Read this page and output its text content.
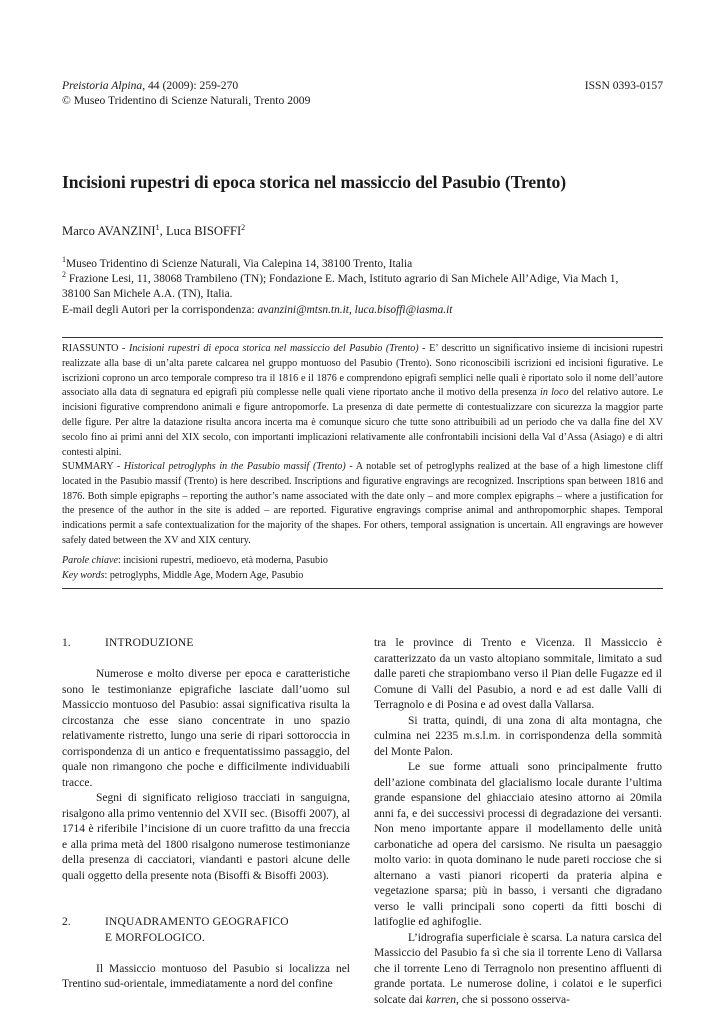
Preistoria Alpina, 44 (2009): 259-270
© Museo Tridentino di Scienze Naturali, Trento 2009
ISSN 0393-0157
Incisioni rupestri di epoca storica nel massiccio del Pasubio (Trento)
Marco AVANZINI$^1$, Luca BISOFFI$^2$
$^1$Museo Tridentino di Scienze Naturali, Via Calepina 14, 38100 Trento, Italia
$^2$ Frazione Lesi, 11, 38068 Trambileno (TN); Fondazione E. Mach, Istituto agrario di San Michele All’Adige, Via Mach 1,
38100 San Michele A.A. (TN), Italia.
E-mail degli Autori per la corrispondenza: avanzini@mtsn.tn.it, luca.bisoffi@iasma.it

RIASSUNTO - Incisioni rupestri di epoca storica nel massiccio del Pasubio (Trento) - E’ descritto un significativo insieme di incisioni rupestri realizzate alla base di un’alta parete calcarea nel gruppo montuoso del Pasubio (Trento). Sono riconoscibili iscrizioni ed incisioni figurative. Le iscrizioni coprono un arco temporale compreso tra il 1816 e il 1876 e comprendono epigrafi semplici nelle quali è riportato solo il nome dell’autore associato alla data di segnatura ed epigrafi più complesse nelle quali viene riportato anche il motivo della presenza in loco del relativo autore. Le incisioni figurative comprendono animali e figure antropomorfe. La presenza di date permette di contestualizzare con sicurezza la maggior parte delle figure. Per altre la datazione risulta ancora incerta ma è comunque sicuro che tutte sono attribuibili ad un periodo che va dalla fine del XV secolo fino ai primi anni del XIX secolo, con importanti implicazioni relativamente alle confrontabili incisioni della Val d’Assa (Asiago) e di altri contesti alpini.

SUMMARY - Historical petroglyphs in the Pasubio massif (Trento) - A notable set of petroglyphs realized at the base of a high limestone cliff located in the Pasubio massif (Trento) is here described. Inscriptions and figurative engravings are recognized. Inscriptions span between 1816 and 1876. Both simple epigraphs – reporting the author’s name associated with the date only – and more complex epigraphs – where a justification for the presence of the author in the site is added – are reported. Figurative engravings comprise animal and anthropomorphic shapes. Temporal indications permit a safe contextualization for the majority of the shapes. For others, temporal assignation is uncertain. All engravings are however safely dated between the XV and XIX century.

Parole chiave: incisioni rupestri, medioevo, età moderna, Pasubio
Key words: petroglyphs, Middle Age, Modern Age, Pasubio
1.	INTRODUZIONE

Numerose e molto diverse per epoca e caratteristiche sono le testimonianze epigrafiche lasciate dall’uomo sul Massiccio montuoso del Pasubio: assai significativa risulta la circostanza che esse siano concentrate in uno spazio relativamente ristretto, lungo una serie di ripari sottoroccia in corrispondenza di un antico e frequentatissimo passaggio, del quale non rimangono che poche e difficilmente individuabili tracce.

Segni di significato religioso tracciati in sanguigna, risalgono alla primo ventennio del XVII sec. (Bisoffi 2007), al 1714 è riferibile l’incisione di un cuore trafitto da una freccia e alla prima metà del 1800 risalgono numerose testimonianze della presenza di cacciatori, viandanti e pastori alcune delle quali oggetto della presente nota (Bisoffi & Bisoffi 2003).

2.	INQUADRAMENTO GEOGRAFICO
E MORFOLOGICO.

Il Massiccio montuoso del Pasubio si localizza nel Trentino sud-orientale, immediatamente a nord del confine

tra le province di Trento e Vicenza. Il Massiccio è caratterizzato da un vasto altopiano sommitale, limitato a sud dalle pareti che strapiombano verso il Pian delle Fugazze ed il Comune di Valli del Pasubio, a nord e ad est dalle Valli di Terragnolo e di Posina e ad ovest dalla Vallarsa.

Si tratta, quindi, di una zona di alta montagna, che culmina nei 2235 m.s.l.m. in corrispondenza della sommità del Monte Palon.

Le sue forme attuali sono principalmente frutto dell’azione combinata del glacialismo locale durante l’ultima grande espansione del ghiacciaio atesino attorno ai 20mila anni fa, e dei successivi processi di degradazione dei versanti. Non meno importante appare il modellamento delle unità carbonatiche ad opera del carsismo. Ne risulta un paesaggio molto vario: in quota dominano le nude pareti rocciose che si alternano a vasti pianori ricoperti da prateria alpina e vegetazione sparsa; più in basso, i versanti che digradano verso le valli principali sono coperti da fitti boschi di latifoglie ed aghifoglie.

L’idrografia superficiale è scarsa. La natura carsica del Massiccio del Pasubio fa sì che sia il torrente Leno di Vallarsa che il torrente Leno di Terragnolo non presentino affluenti di grande portata. Le numerose doline, i colatoi e le superfici solcate dai karren, che si possono osserva-
